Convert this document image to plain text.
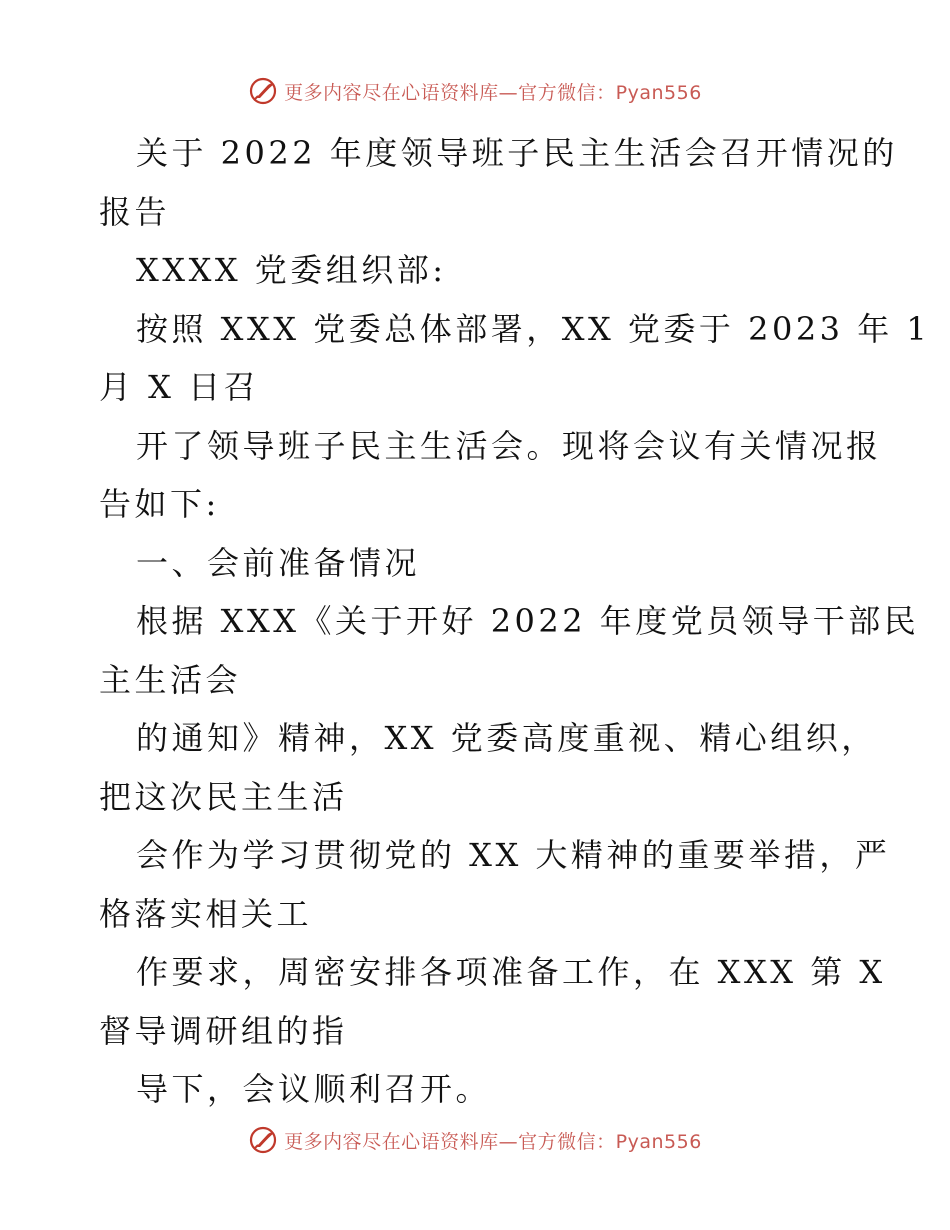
更多内容尽在心语资料库—官方微信：Pyan556
关于 2022 年度领导班子民主生活会召开情况的
报告
XXXX 党委组织部:
按照 XXX 党委总体部署，XX 党委于 2023 年 1
月 X 日召
开了领导班子民主生活会。现将会议有关情况报
告如下:
一、会前准备情况
根据 XXX《关于开好 2022 年度党员领导干部民
主生活会
的通知》精神，XX 党委高度重视、精心组织，
把这次民主生活
会作为学习贯彻党的 XX 大精神的重要举措，严
格落实相关工
作要求，周密安排各项准备工作，在 XXX 第 X
督导调研组的指
导下，会议顺利召开。
更多内容尽在心语资料库—官方微信：Pyan556
